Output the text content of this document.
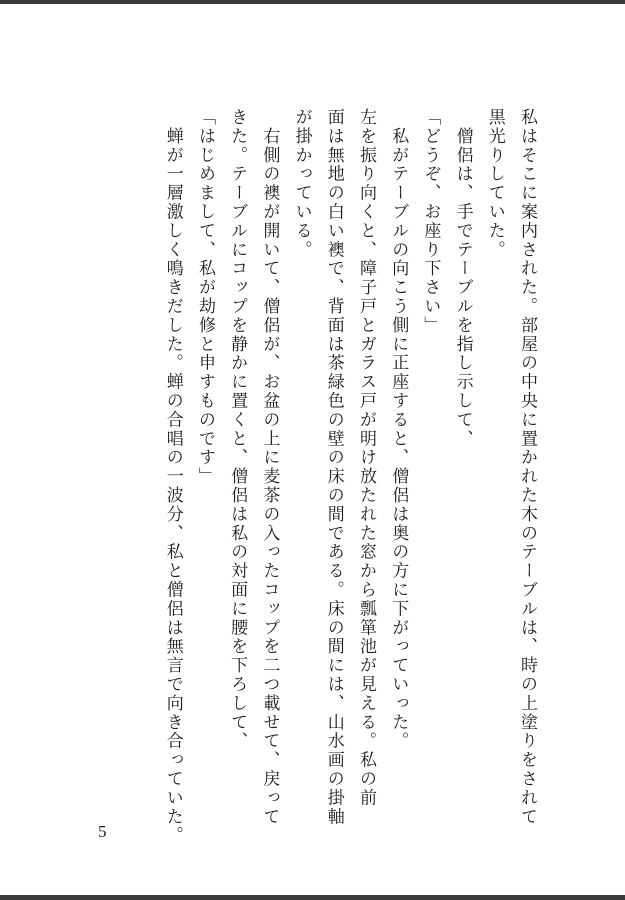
私はそこに案内された。部屋の中央に置かれた木のテーブルは、時の上塗りをされて
黒光りしていた。
　僧侶は、手でテーブルを指し示して、
「どうぞ、お座り下さい」
　私がテーブルの向こう側に正座すると、僧侶は奥の方に下がっていった。
左を振り向くと、障子戸とガラス戸が明け放たれた窓から瓢箪池が見える。私の前
面は無地の白い襖で、背面は茶緑色の壁の床の間である。床の間には、山水画の掛軸
が掛かっている。
　右側の襖が開いて、僧侶が、お盆の上に麦茶の入ったコップを二つ載せて、戻って
きた。テーブルにコップを静かに置くと、僧侶は私の対面に腰を下ろして、
「はじめまして、私が劫修と申すものです」
　蝉が一層激しく鳴きだした。蝉の合唱の一波分、私と僧侶は無言で向き合っていた。
5
